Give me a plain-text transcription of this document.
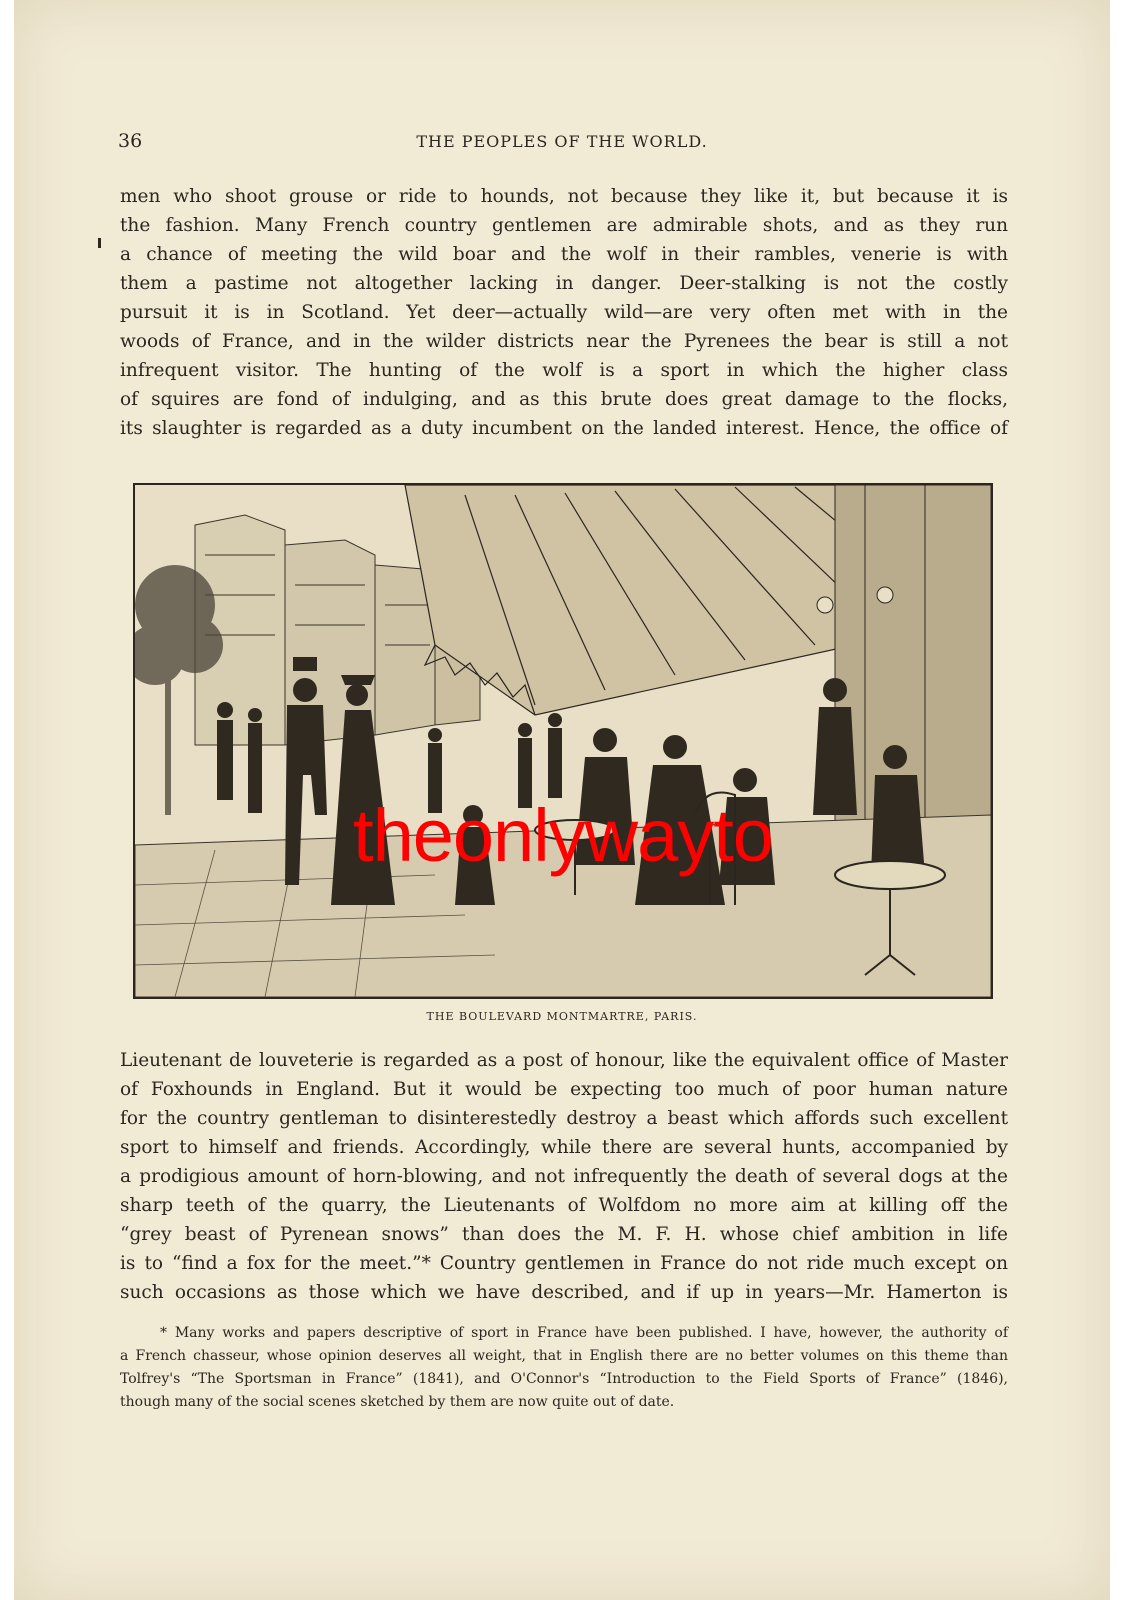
36	THE PEOPLES OF THE WORLD.
men who shoot grouse or ride to hounds, not because they like it, but because it is
the fashion. Many French country gentlemen are admirable shots, and as they run
a chance of meeting the wild boar and the wolf in their rambles, venerie is with
them a pastime not altogether lacking in danger. Deer-stalking is not the costly
pursuit it is in Scotland. Yet deer—actually wild—are very often met with in the
woods of France, and in the wilder districts near the Pyrenees the bear is still a not
infrequent visitor. The hunting of the wolf is a sport in which the higher class
of squires are fond of indulging, and as this brute does great damage to the flocks,
its slaughter is regarded as a duty incumbent on the landed interest. Hence, the office of
theonlywayto
THE BOULEVARD MONTMARTRE, PARIS.
Lieutenant de louveterie is regarded as a post of honour, like the equivalent office of Master
of Foxhounds in England. But it would be expecting too much of poor human nature
for the country gentleman to disinterestedly destroy a beast which affords such excellent
sport to himself and friends. Accordingly, while there are several hunts, accompanied by
a prodigious amount of horn-blowing, and not infrequently the death of several dogs at the
sharp teeth of the quarry, the Lieutenants of Wolfdom no more aim at killing off the
“grey beast of Pyrenean snows” than does the M. F. H. whose chief ambition in life
is to “find a fox for the meet.”* Country gentlemen in France do not ride much except on
such occasions as those which we have described, and if up in years—Mr. Hamerton is
* Many works and papers descriptive of sport in France have been published. I have, however, the authority of
a French chasseur, whose opinion deserves all weight, that in English there are no better volumes on this theme than
Tolfrey's “The Sportsman in France” (1841), and O'Connor's “Introduction to the Field Sports of France” (1846),
though many of the social scenes sketched by them are now quite out of date.
